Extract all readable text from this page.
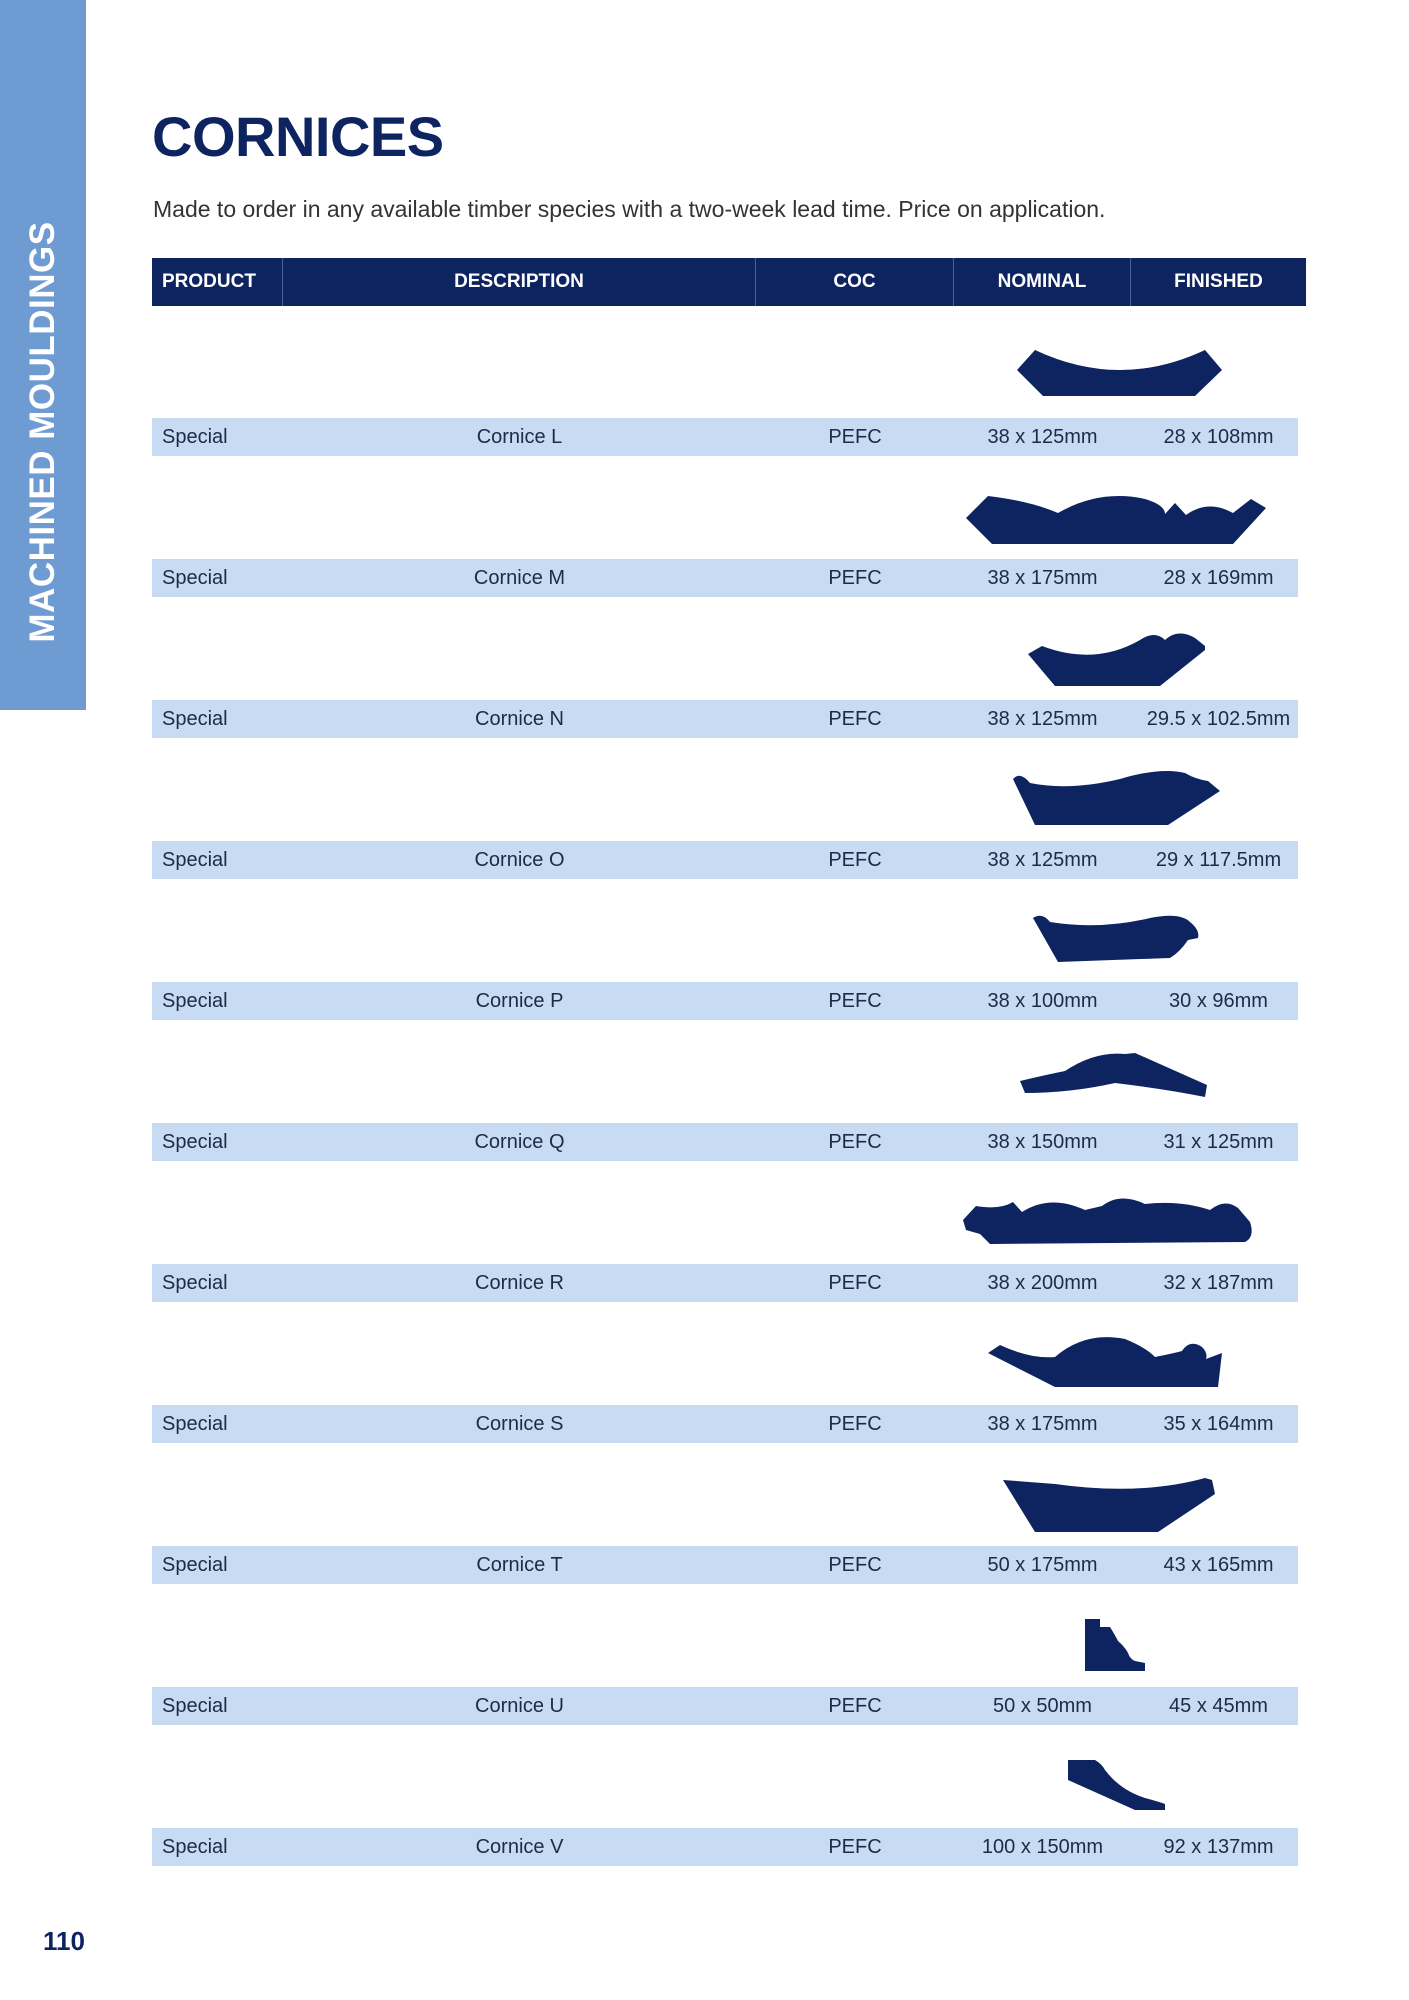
MACHINED MOULDINGS
CORNICES

Made to order in any available timber species with a two-week lead time. Price on application.

PRODUCT	DESCRIPTION	COC	NOMINAL	FINISHED
Special	Cornice L	PEFC	38 x 125mm	28 x 108mm
Special	Cornice M	PEFC	38 x 175mm	28 x 169mm
Special	Cornice N	PEFC	38 x 125mm	29.5 x 102.5mm
Special	Cornice O	PEFC	38 x 125mm	29 x 117.5mm
Special	Cornice P	PEFC	38 x 100mm	30 x 96mm
Special	Cornice Q	PEFC	38 x 150mm	31 x 125mm
Special	Cornice R	PEFC	38 x 200mm	32 x 187mm
Special	Cornice S	PEFC	38 x 175mm	35 x 164mm
Special	Cornice T	PEFC	50 x 175mm	43 x 165mm
Special	Cornice U	PEFC	50 x 50mm	45 x 45mm
Special	Cornice V	PEFC	100 x 150mm	92 x 137mm
110
